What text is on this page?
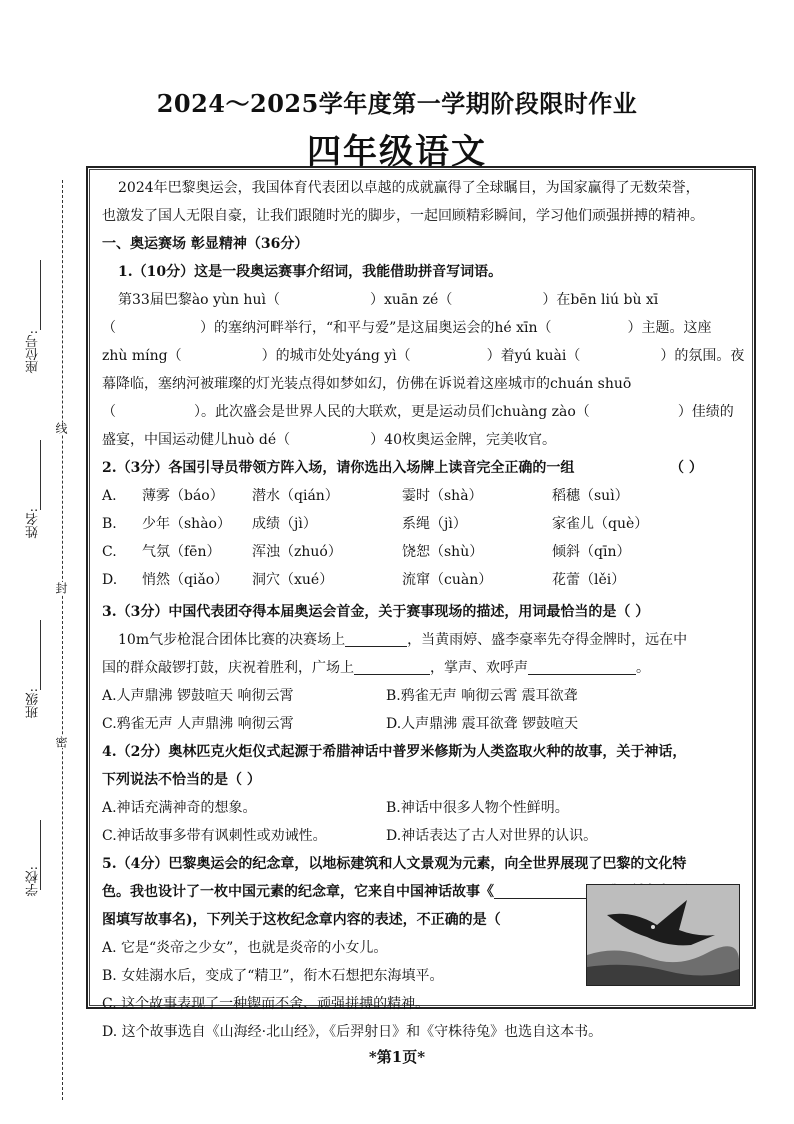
2024～2025学年度第一学期阶段限时作业
四年级语文
座位号:
姓名:
班级:
学校:
线
封
密
2024年巴黎奥运会，我国体育代表团以卓越的成就赢得了全球瞩目，为国家赢得了无数荣誉，
也激发了国人无限自豪，让我们跟随时光的脚步，一起回顾精彩瞬间，学习他们顽强拼搏的精神。
一、奥运赛场 彰显精神（36分）
1.（10分）这是一段奥运赛事介绍词，我能借助拼音写词语。
第33届巴黎ào yùn huì（	）xuān zé（	）在bēn liú bù xī
（	）的塞纳河畔举行，“和平与爱”是这届奥运会的hé xīn（	）主题。这座
zhù míng（	）的城市处处yáng yì（	）着yú kuài（	）的氛围。夜
幕降临，塞纳河被璀璨的灯光装点得如梦如幻，仿佛在诉说着这座城市的chuán shuō
（	）。此次盛会是世界人民的大联欢，更是运动员们chuàng zào（	）佳绩的
盛宴，中国运动健儿huò dé（	）40枚奥运金牌，完美收官。
2.（3分）各国引导员带领方阵入场，请你选出入场牌上读音完全正确的一组	（ ）
A. 薄雾（báo） 潜水（qián）	霎时（shà）	稻穗（suì）
B. 少年（shào） 成绩（jì）	系绳（jì）	家雀儿（què）
C. 气氛（fēn） 浑浊（zhuó）	饶恕（shù）	倾斜（qīn）
D. 悄然（qiǎo） 洞穴（xué）	流窜（cuàn）	花蕾（lěi）
3.（3分）中国代表团夺得本届奥运会首金，关于赛事现场的描述，用词最恰当的是（ ）
10m气步枪混合团体比赛的决赛场上	，当黄雨婷、盛李豪率先夺得金牌时，远在中
国的群众敲锣打鼓，庆祝着胜利，广场上	，掌声、欢呼声	。
A.人声鼎沸 锣鼓喧天 响彻云霄	B.鸦雀无声 响彻云霄 震耳欲聋
C.鸦雀无声 人声鼎沸 响彻云霄	D.人声鼎沸 震耳欲聋 锣鼓喧天
4.（2分）奥林匹克火炬仪式起源于希腊神话中普罗米修斯为人类盗取火种的故事，关于神话，
下列说法不恰当的是（ ）
A.神话充满神奇的想象。	B.神话中很多人物个性鲜明。
C.神话故事多带有讽刺性或劝诫性。	D.神话表达了古人对世界的认识。
5.（4分）巴黎奥运会的纪念章，以地标建筑和人文景观为元素，向全世界展现了巴黎的文化特
色。我也设计了一枚中国元素的纪念章，它来自中国神话故事《
图填写故事名)，下列关于这枚纪念章内容的表述，不正确的是（
A. 它是“炎帝之少女”，也就是炎帝的小女儿。
B. 女娃溺水后，变成了“精卫”，衔木石想把东海填平。
C. 这个故事表现了一种锲而不舍、顽强拼搏的精神。
D. 这个故事选自《山海经·北山经》，《后羿射日》和《守株待兔》也选自这本书。
*第1页*
